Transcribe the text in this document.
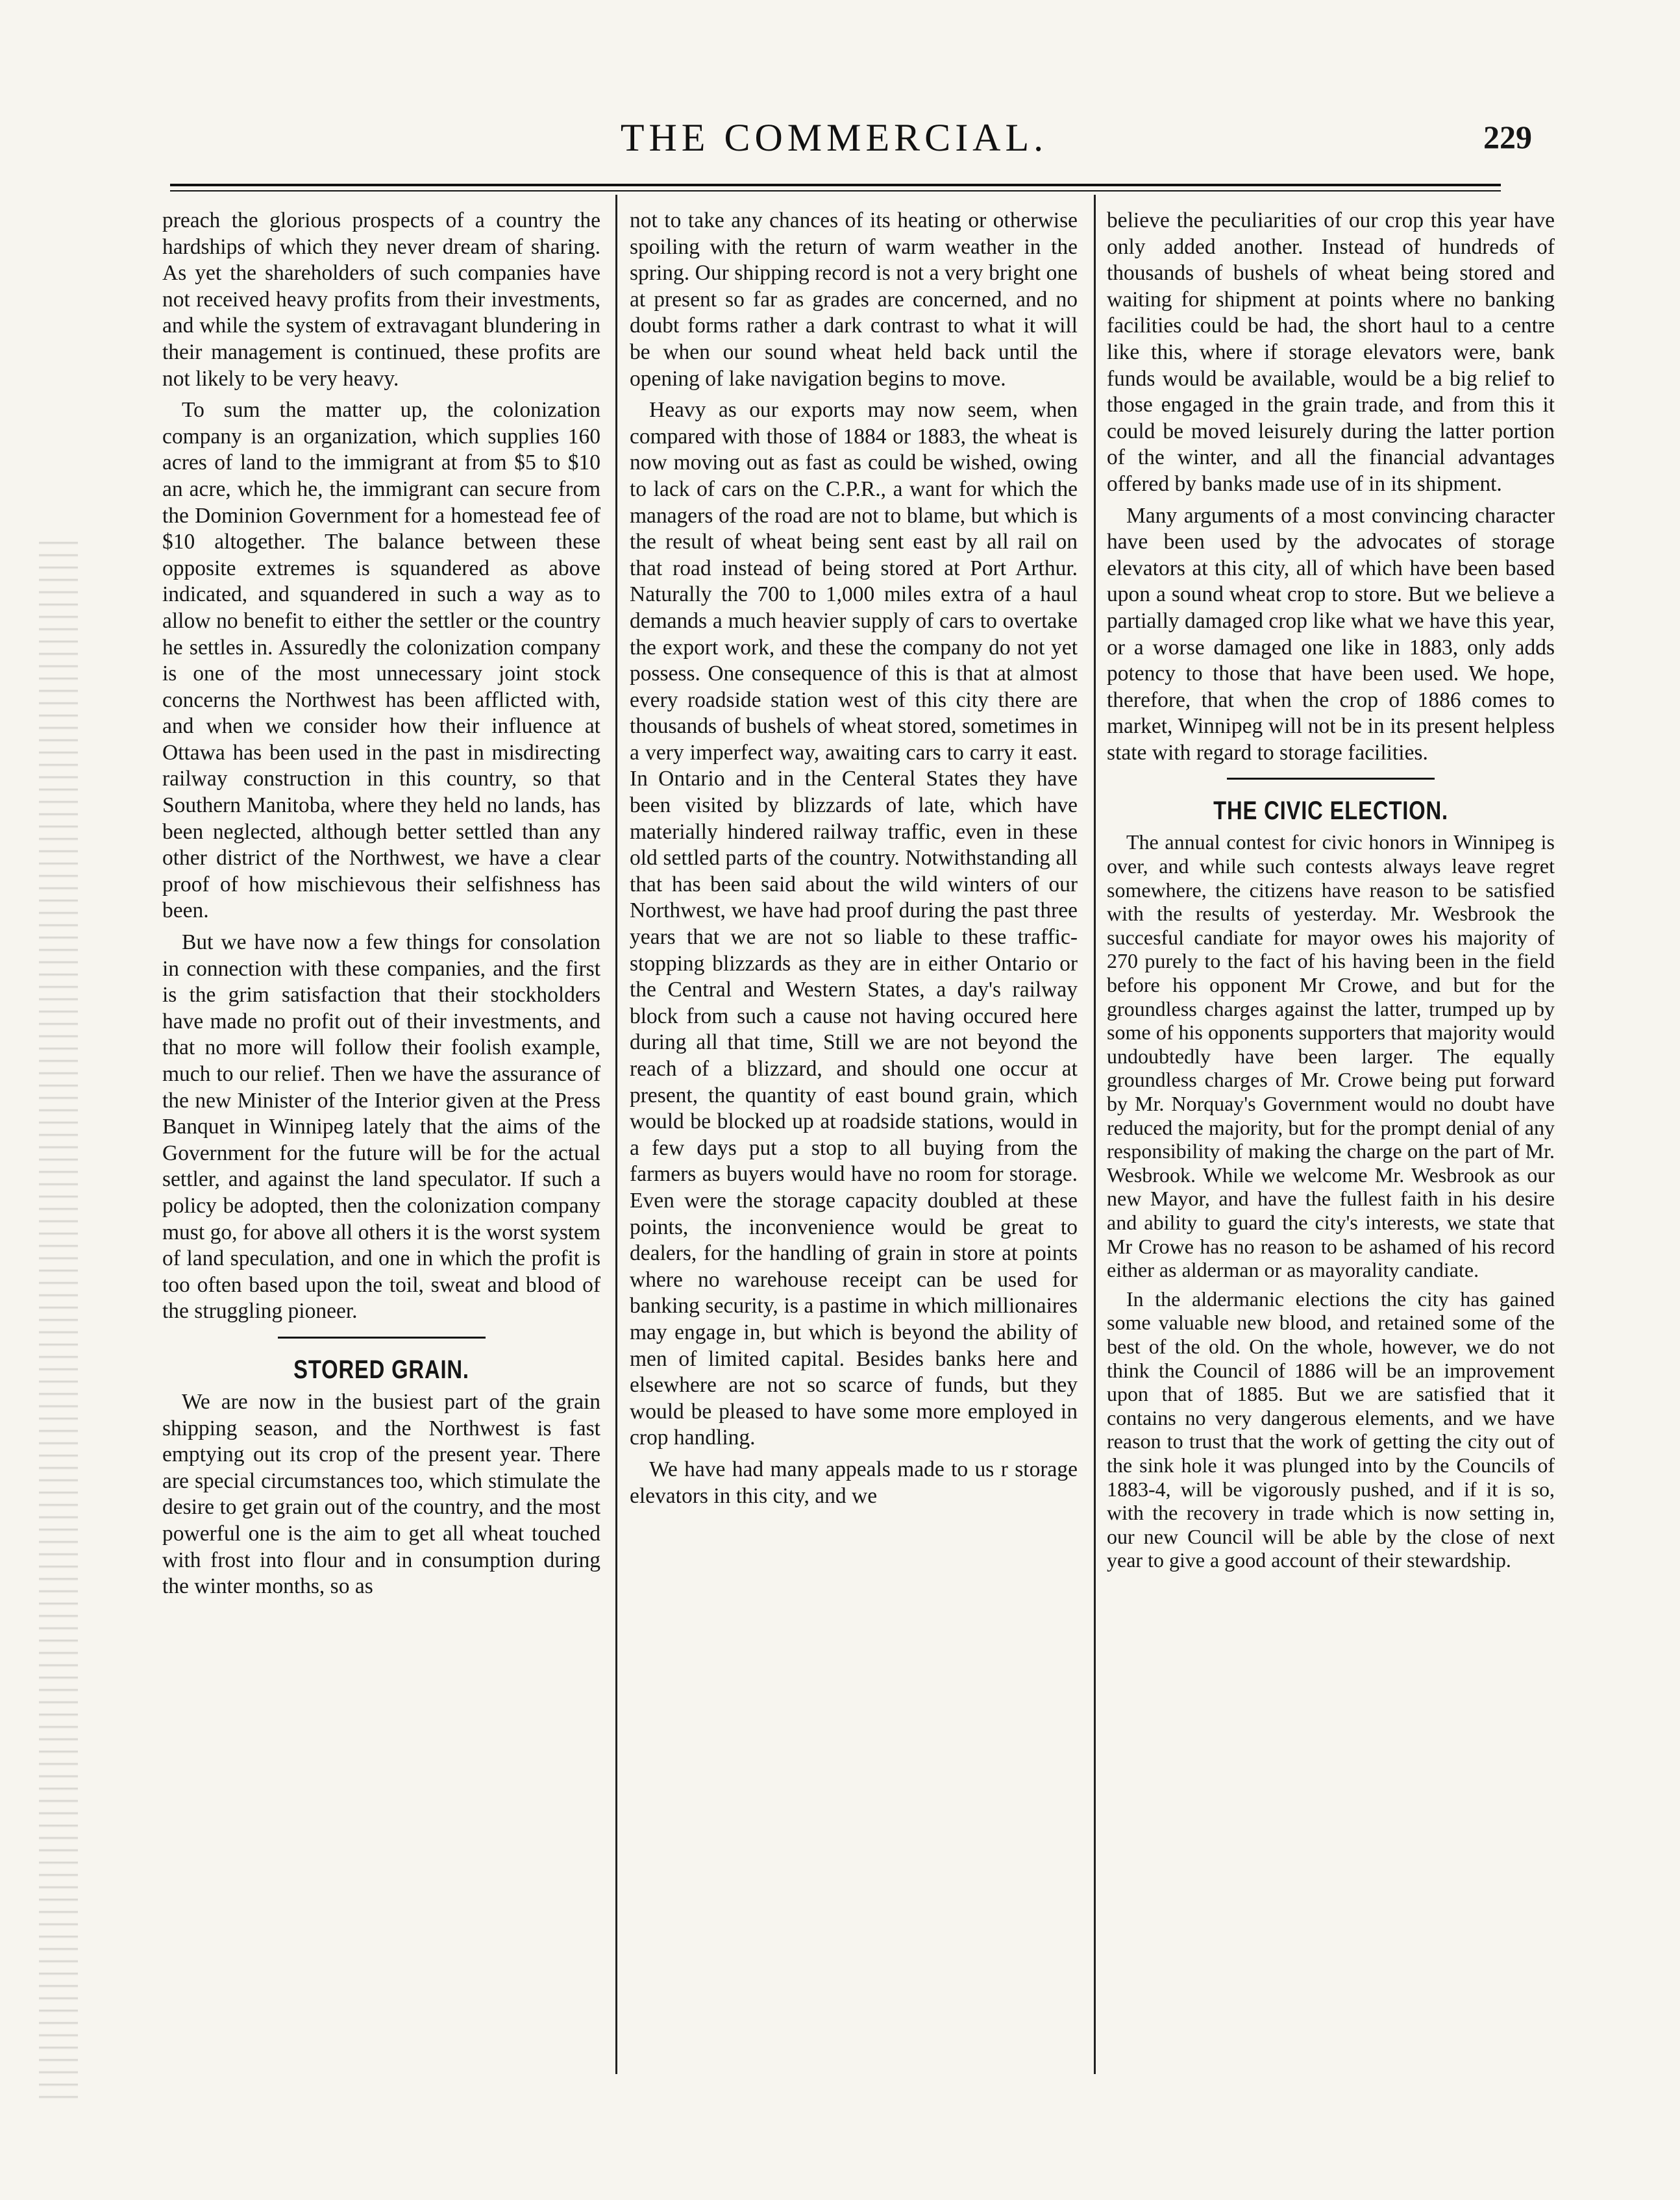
THE COMMERCIAL.	229

preach the glorious prospects of a country the hardships of which they never dream of sharing. As yet the shareholders of such companies have not received heavy profits from their investments, and while the system of extravagant blundering in their management is continued, these profits are not likely to be very heavy.

To sum the matter up, the colonization company is an organization, which supplies 160 acres of land to the immigrant at from $5 to $10 an acre, which he, the immigrant can secure from the Dominion Government for a homestead fee of $10 altogether. The balance between these opposite extremes is squandered as above indicated, and squandered in such a way as to allow no benefit to either the settler or the country he settles in. Assuredly the colonization company is one of the most unnecessary joint stock concerns the Northwest has been afflicted with, and when we consider how their influence at Ottawa has been used in the past in misdirecting railway construction in this country, so that Southern Manitoba, where they held no lands, has been neglected, although better settled than any other district of the Northwest, we have a clear proof of how mischievous their selfishness has been.

But we have now a few things for consolation in connection with these companies, and the first is the grim satisfaction that their stockholders have made no profit out of their investments, and that no more will follow their foolish example, much to our relief. Then we have the assurance of the new Minister of the Interior given at the Press Banquet in Winnipeg lately that the aims of the Government for the future will be for the actual settler, and against the land speculator. If such a policy be adopted, then the colonization company must go, for above all others it is the worst system of land speculation, and one in which the profit is too often based upon the toil, sweat and blood of the struggling pioneer.

STORED GRAIN.

We are now in the busiest part of the grain shipping season, and the Northwest is fast emptying out its crop of the present year. There are special circumstances too, which stimulate the desire to get grain out of the country, and the most powerful one is the aim to get all wheat touched with frost into flour and in consumption during the winter months, so as

not to take any chances of its heating or otherwise spoiling with the return of warm weather in the spring. Our shipping record is not a very bright one at present so far as grades are concerned, and no doubt forms rather a dark contrast to what it will be when our sound wheat held back until the opening of lake navigation begins to move.

Heavy as our exports may now seem, when compared with those of 1884 or 1883, the wheat is now moving out as fast as could be wished, owing to lack of cars on the C.P.R., a want for which the managers of the road are not to blame, but which is the result of wheat being sent east by all rail on that road instead of being stored at Port Arthur. Naturally the 700 to 1,000 miles extra of a haul demands a much heavier supply of cars to overtake the export work, and these the company do not yet possess. One consequence of this is that at almost every roadside station west of this city there are thousands of bushels of wheat stored, sometimes in a very imperfect way, awaiting cars to carry it east. In Ontario and in the Centeral States they have been visited by blizzards of late, which have materially hindered railway traffic, even in these old settled parts of the country. Notwithstanding all that has been said about the wild winters of our Northwest, we have had proof during the past three years that we are not so liable to these traffic-stopping blizzards as they are in either Ontario or the Central and Western States, a day's railway block from such a cause not having occured here during all that time, Still we are not beyond the reach of a blizzard, and should one occur at present, the quantity of east bound grain, which would be blocked up at roadside stations, would in a few days put a stop to all buying from the farmers as buyers would have no room for storage. Even were the storage capacity doubled at these points, the inconvenience would be great to dealers, for the handling of grain in store at points where no warehouse receipt can be used for banking security, is a pastime in which millionaires may engage in, but which is beyond the ability of men of limited capital. Besides banks here and elsewhere are not so scarce of funds, but they would be pleased to have some more employed in crop handling.

We have had many appeals made to us r storage elevators in this city, and we

believe the peculiarities of our crop this year have only added another. Instead of hundreds of thousands of bushels of wheat being stored and waiting for shipment at points where no banking facilities could be had, the short haul to a centre like this, where if storage elevators were, bank funds would be available, would be a big relief to those engaged in the grain trade, and from this it could be moved leisurely during the latter portion of the winter, and all the financial advantages offered by banks made use of in its shipment.

Many arguments of a most convincing character have been used by the advocates of storage elevators at this city, all of which have been based upon a sound wheat crop to store. But we believe a partially damaged crop like what we have this year, or a worse damaged one like in 1883, only adds potency to those that have been used. We hope, therefore, that when the crop of 1886 comes to market, Winnipeg will not be in its present helpless state with regard to storage facilities.

THE CIVIC ELECTION.

The annual contest for civic honors in Winnipeg is over, and while such contests always leave regret somewhere, the citizens have reason to be satisfied with the results of yesterday. Mr. Wesbrook the succesful candiate for mayor owes his majority of 270 purely to the fact of his having been in the field before his opponent Mr Crowe, and but for the groundless charges against the latter, trumped up by some of his opponents supporters that majority would undoubtedly have been larger. The equally groundless charges of Mr. Crowe being put forward by Mr. Norquay's Government would no doubt have reduced the majority, but for the prompt denial of any responsibility of making the charge on the part of Mr. Wesbrook. While we welcome Mr. Wesbrook as our new Mayor, and have the fullest faith in his desire and ability to guard the city's interests, we state that Mr Crowe has no reason to be ashamed of his record either as alderman or as mayorality candiate.

In the aldermanic elections the city has gained some valuable new blood, and retained some of the best of the old. On the whole, however, we do not think the Council of 1886 will be an improvement upon that of 1885. But we are satisfied that it contains no very dangerous elements, and we have reason to trust that the work of getting the city out of the sink hole it was plunged into by the Councils of 1883-4, will be vigorously pushed, and if it is so, with the recovery in trade which is now setting in, our new Council will be able by the close of next year to give a good account of their stewardship.
